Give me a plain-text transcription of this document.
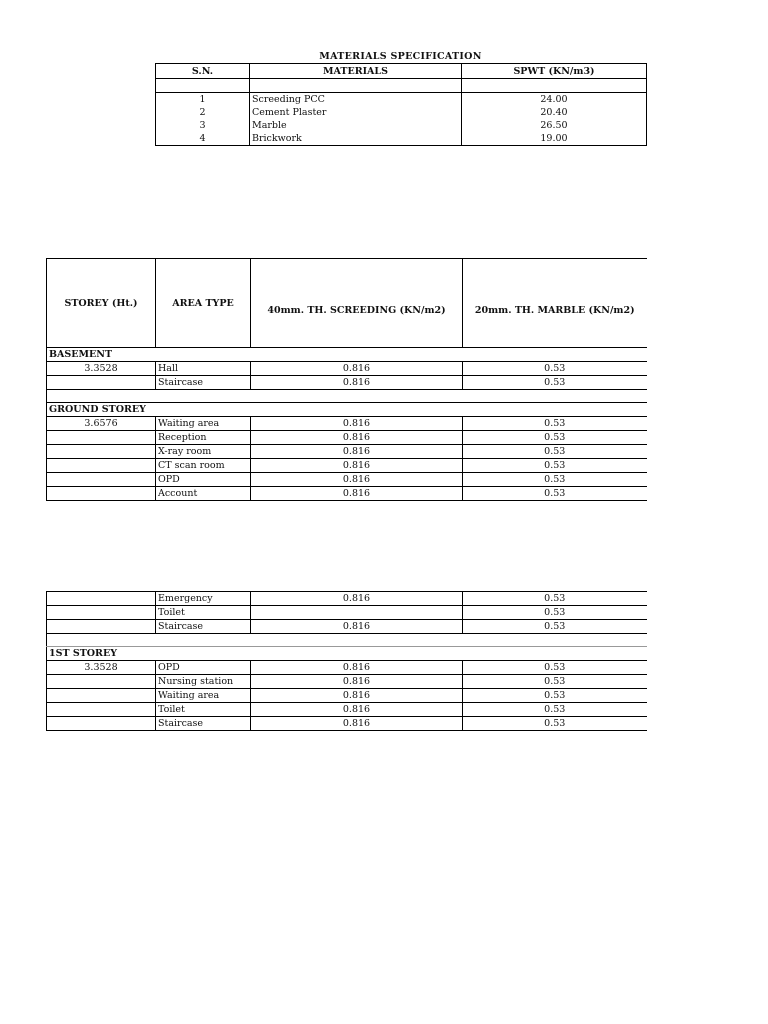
MATERIALS SPECIFICATION
S.N.	MATERIALS	SPWT (KN/m3)

1	Screeding PCC	24.00
2	Cement Plaster	20.40
3	Marble	26.50
4	Brickwork	19.00
STOREY (Ht.)	AREA TYPE	40mm. TH. SCREEDING (KN/m2)	20mm. TH. MARBLE (KN/m2)
BASEMENT			
3.3528	Hall	0.816	0.53
	Staircase	0.816	0.53

GROUND STOREY			
3.6576	Waiting area	0.816	0.53
	Reception	0.816	0.53
	X-ray room	0.816	0.53
	CT scan room	0.816	0.53
	OPD	0.816	0.53
	Account	0.816	0.53
	Emergency	0.816	0.53
	Toilet		0.53
	Staircase	0.816	0.53

1ST STOREY			
3.3528	OPD	0.816	0.53
	Nursing station	0.816	0.53
	Waiting area	0.816	0.53
	Toilet	0.816	0.53
	Staircase	0.816	0.53
